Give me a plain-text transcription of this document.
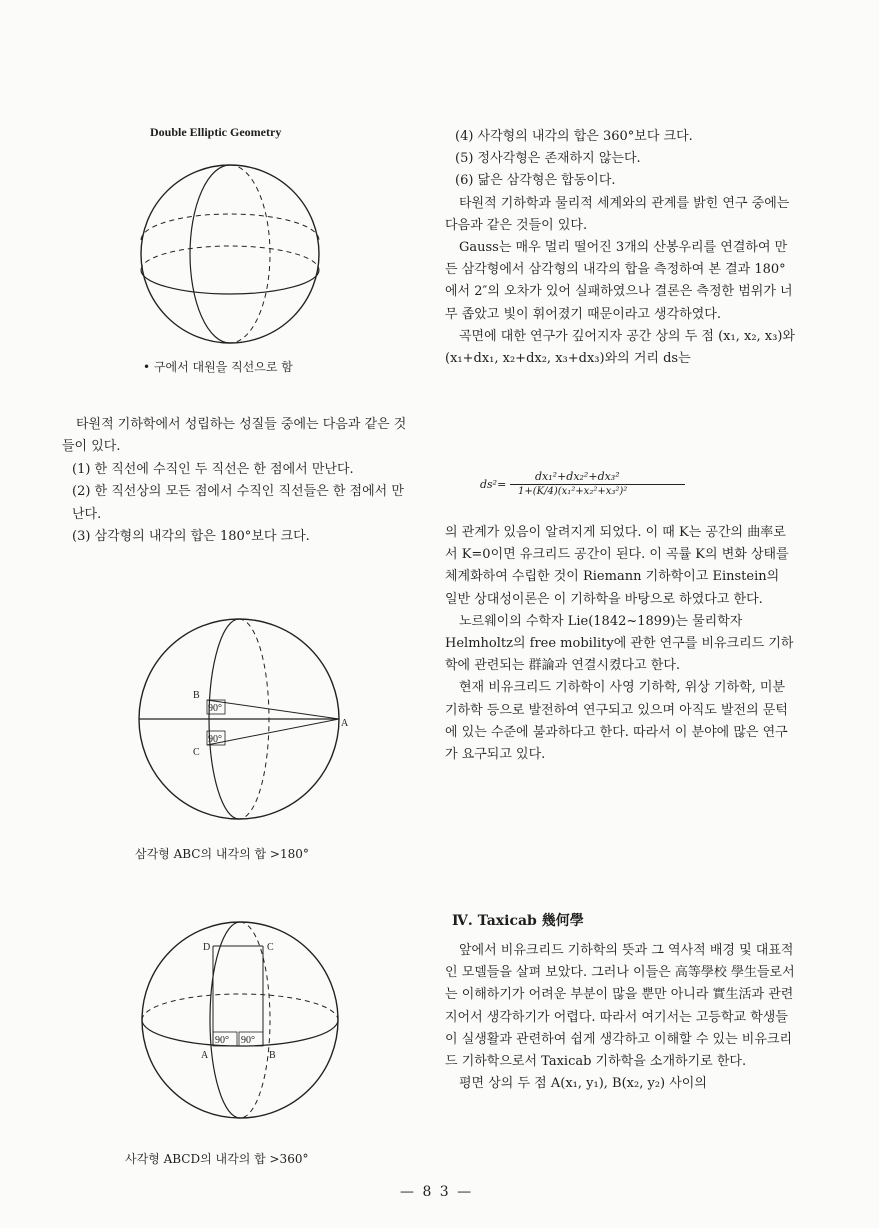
Double Elliptic Geometry
• 구에서 대원을 직선으로 함

타원적 기하학에서 성립하는 성질들 중에는 다음과 같은 것들이 있다.

(1) 한 직선에 수직인 두 직선은 한 점에서 만난다.

(2) 한 직선상의 모든 점에서 수직인 직선들은 한 점에서 만난다.

(3) 삼각형의 내각의 합은 180°보다 크다.

B
C
A
90°
90°
삼각형 ABC의 내각의 합 >180°
D	C
A	B
90° 90°
사각형 ABCD의 내각의 합 >360°

(4) 사각형의 내각의 합은 360°보다 크다.

(5) 정사각형은 존재하지 않는다.

(6) 닮은 삼각형은 합동이다.

타원적 기하학과 물리적 세계와의 관계를 밝힌 연구 중에는 다음과 같은 것들이 있다.

Gauss는 매우 멀리 떨어진 3개의 산봉우리를 연결하여 만든 삼각형에서 삼각형의 내각의 합을 측정하여 본 결과 180°에서 2″의 오차가 있어 실패하였으나 결론은 측정한 범위가 너무 좁았고 빛이 휘어졌기 때문이라고 생각하였다.

곡면에 대한 연구가 깊어지자 공간 상의 두 점 (x₁, x₂, x₃)와 (x₁+dx₁, x₂+dx₂, x₃+dx₃)와의 거리 ds는

ds²=
dx₁²+dx₂²+dx₃²
1+(K/4)(x₁²+x₂²+x₃²)²

의 관계가 있음이 알려지게 되었다. 이 때 K는 공간의 曲率로서 K=0이면 유크리드 공간이 된다. 이 곡률 K의 변화 상태를 체계화하여 수립한 것이 Riemann 기하학이고 Einstein의 일반 상대성이론은 이 기하학을 바탕으로 하였다고 한다.

노르웨이의 수학자 Lie(1842~1899)는 물리학자 Helmholtz의 free mobility에 관한 연구를 비유크리드 기하학에 관련되는 群論과 연결시켰다고 한다.

현재 비유크리드 기하학이 사영 기하학, 위상 기하학, 미분 기하학 등으로 발전하여 연구되고 있으며 아직도 발전의 문턱에 있는 수준에 불과하다고 한다. 따라서 이 분야에 많은 연구가 요구되고 있다.

Ⅳ. Taxicab 幾何學

앞에서 비유크리드 기하학의 뜻과 그 역사적 배경 및 대표적인 모델들을 살펴 보았다. 그러나 이들은 高等學校 學生들로서는 이해하기가 어려운 부분이 많을 뿐만 아니라 實生活과 관련지어서 생각하기가 어렵다. 따라서 여기서는 고등학교 학생들이 실생활과 관련하여 쉽게 생각하고 이해할 수 있는 비유크리드 기하학으로서 Taxicab 기하학을 소개하기로 한다.

평면 상의 두 점 A(x₁, y₁), B(x₂, y₂) 사이의

— 8 3 —
